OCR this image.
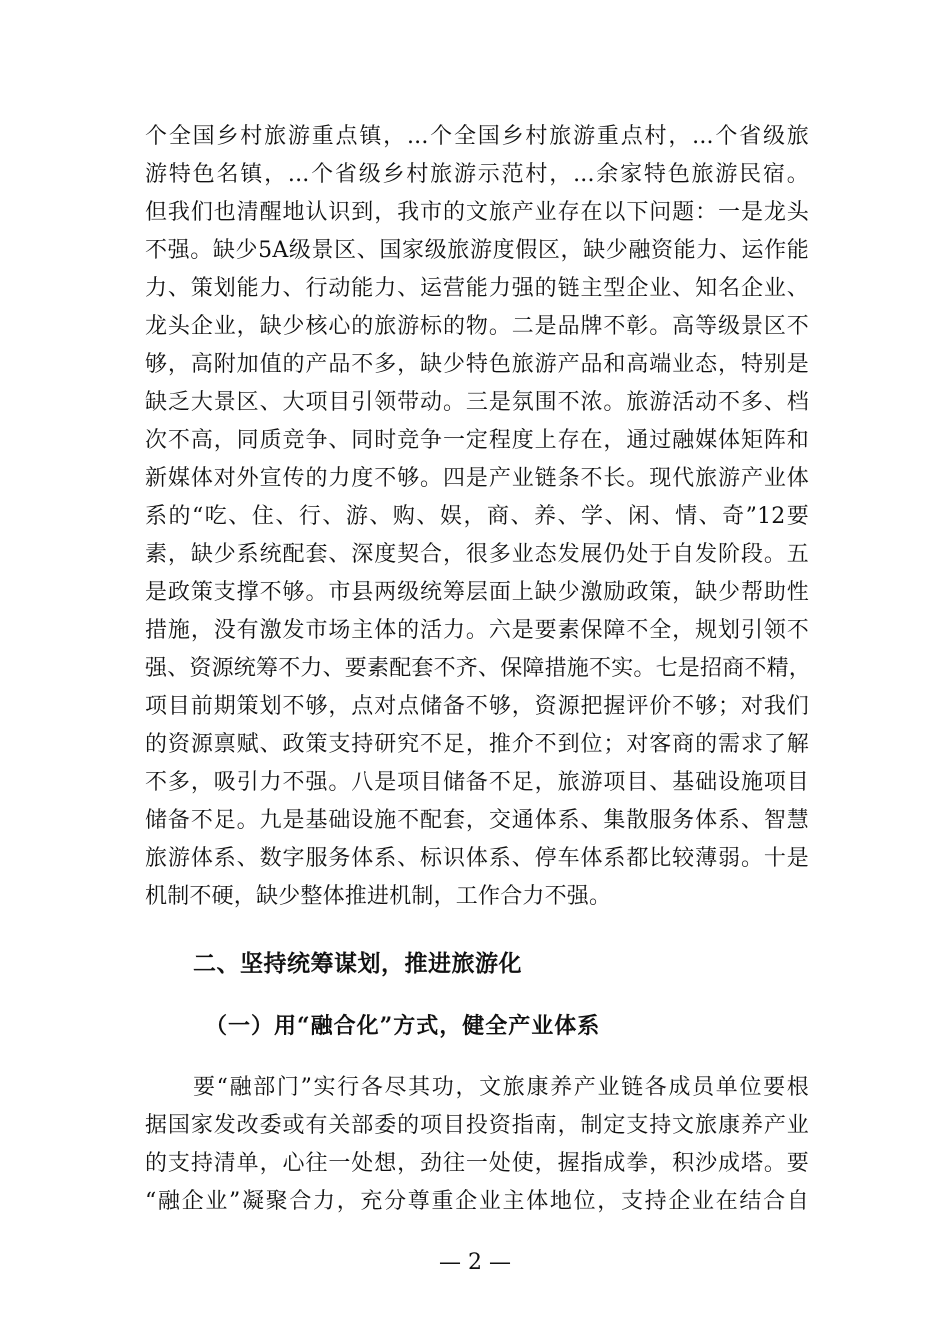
个全国乡村旅游重点镇，...个全国乡村旅游重点村，...个省级旅
游特色名镇，...个省级乡村旅游示范村，...余家特色旅游民宿。
但我们也清醒地认识到，我市的文旅产业存在以下问题：一是龙头
不强。缺少5A级景区、国家级旅游度假区，缺少融资能力、运作能
力、策划能力、行动能力、运营能力强的链主型企业、知名企业、
龙头企业，缺少核心的旅游标的物。二是品牌不彰。高等级景区不
够，高附加值的产品不多，缺少特色旅游产品和高端业态，特别是
缺乏大景区、大项目引领带动。三是氛围不浓。旅游活动不多、档
次不高，同质竞争、同时竞争一定程度上存在，通过融媒体矩阵和
新媒体对外宣传的力度不够。四是产业链条不长。现代旅游产业体
系的“吃、住、行、游、购、娱，商、养、学、闲、情、奇”12要
素，缺少系统配套、深度契合，很多业态发展仍处于自发阶段。五
是政策支撑不够。市县两级统筹层面上缺少激励政策，缺少帮助性
措施，没有激发市场主体的活力。六是要素保障不全，规划引领不
强、资源统筹不力、要素配套不齐、保障措施不实。七是招商不精，
项目前期策划不够，点对点储备不够，资源把握评价不够；对我们
的资源禀赋、政策支持研究不足，推介不到位；对客商的需求了解
不多，吸引力不强。八是项目储备不足，旅游项目、基础设施项目
储备不足。九是基础设施不配套，交通体系、集散服务体系、智慧
旅游体系、数字服务体系、标识体系、停车体系都比较薄弱。十是
机制不硬，缺少整体推进机制，工作合力不强。
二、坚持统筹谋划，推进旅游化
（一）用“融合化”方式，健全产业体系
要“融部门”实行各尽其功，文旅康养产业链各成员单位要根
据国家发改委或有关部委的项目投资指南，制定支持文旅康养产业
的支持清单，心往一处想，劲往一处使，握指成拳，积沙成塔。要
“融企业”凝聚合力，充分尊重企业主体地位，支持企业在结合自
— 2 —
